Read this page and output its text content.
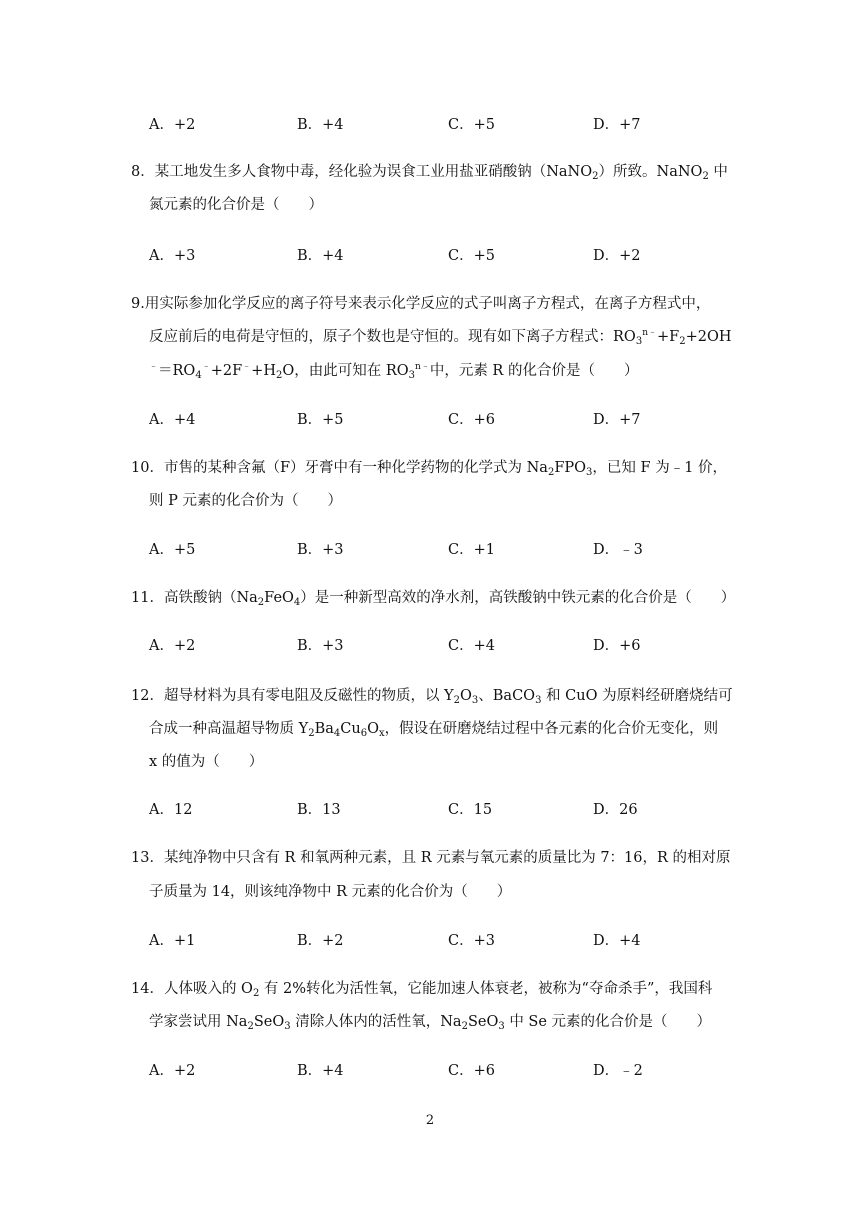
A．+2	B．+4	C．+5	D．+7
8．某工地发生多人食物中毒，经化验为误食工业用盐亚硝酸钠（NaNO$_2$）所致。NaNO$_2$ 中
氮元素的化合价是（　　）
A．+3	B．+4	C．+5	D．+2
9.用实际参加化学反应的离子符号来表示化学反应的式子叫离子方程式，在离子方程式中，
反应前后的电荷是守恒的，原子个数也是守恒的。现有如下离子方程式：$RO_3^{n﹣}+F_2+2OH$
$^﹣=RO_4^﹣+2F^﹣+H_2O$，由此可知在 $RO_3^{n﹣}$中，元素 R 的化合价是（　　）
A．+4	B．+5	C．+6	D．+7
10．市售的某种含氟（F）牙膏中有一种化学药物的化学式为 $Na_2FPO_3$，已知 F 为﹣1 价，
则 P 元素的化合价为（　　）
A．+5	B．+3	C．+1	D．﹣3
11．高铁酸钠$(Na_2FeO_4)$是一种新型高效的净水剂，高铁酸钠中铁元素的化合价是（　　）
A．+2	B．+3	C．+4	D．+6
12．超导材料为具有零电阻及反磁性的物质，以 $Y_2O_3$、BaCO$_3$ 和 CuO 为原料经研磨烧结可
合成一种高温超导物质 $Y_2Ba_4Cu_6O_x$，假设在研磨烧结过程中各元素的化合价无变化，则
x 的值为（　　）
A．12	B．13	C．15	D．26
13．某纯净物中只含有 R 和氧两种元素，且 R 元素与氧元素的质量比为 7：16，R 的相对原
子质量为 14，则该纯净物中 R 元素的化合价为（　　）
A．+1	B．+2	C．+3	D．+4
14．人体吸入的 $O_2$ 有 2%转化为活性氧，它能加速人体衰老，被称为“夺命杀手”，我国科
学家尝试用 $Na_2SeO_3$ 清除人体内的活性氧，$Na_2SeO_3$ 中 Se 元素的化合价是（　　）
A．+2	B．+4	C．+6	D．﹣2
2
